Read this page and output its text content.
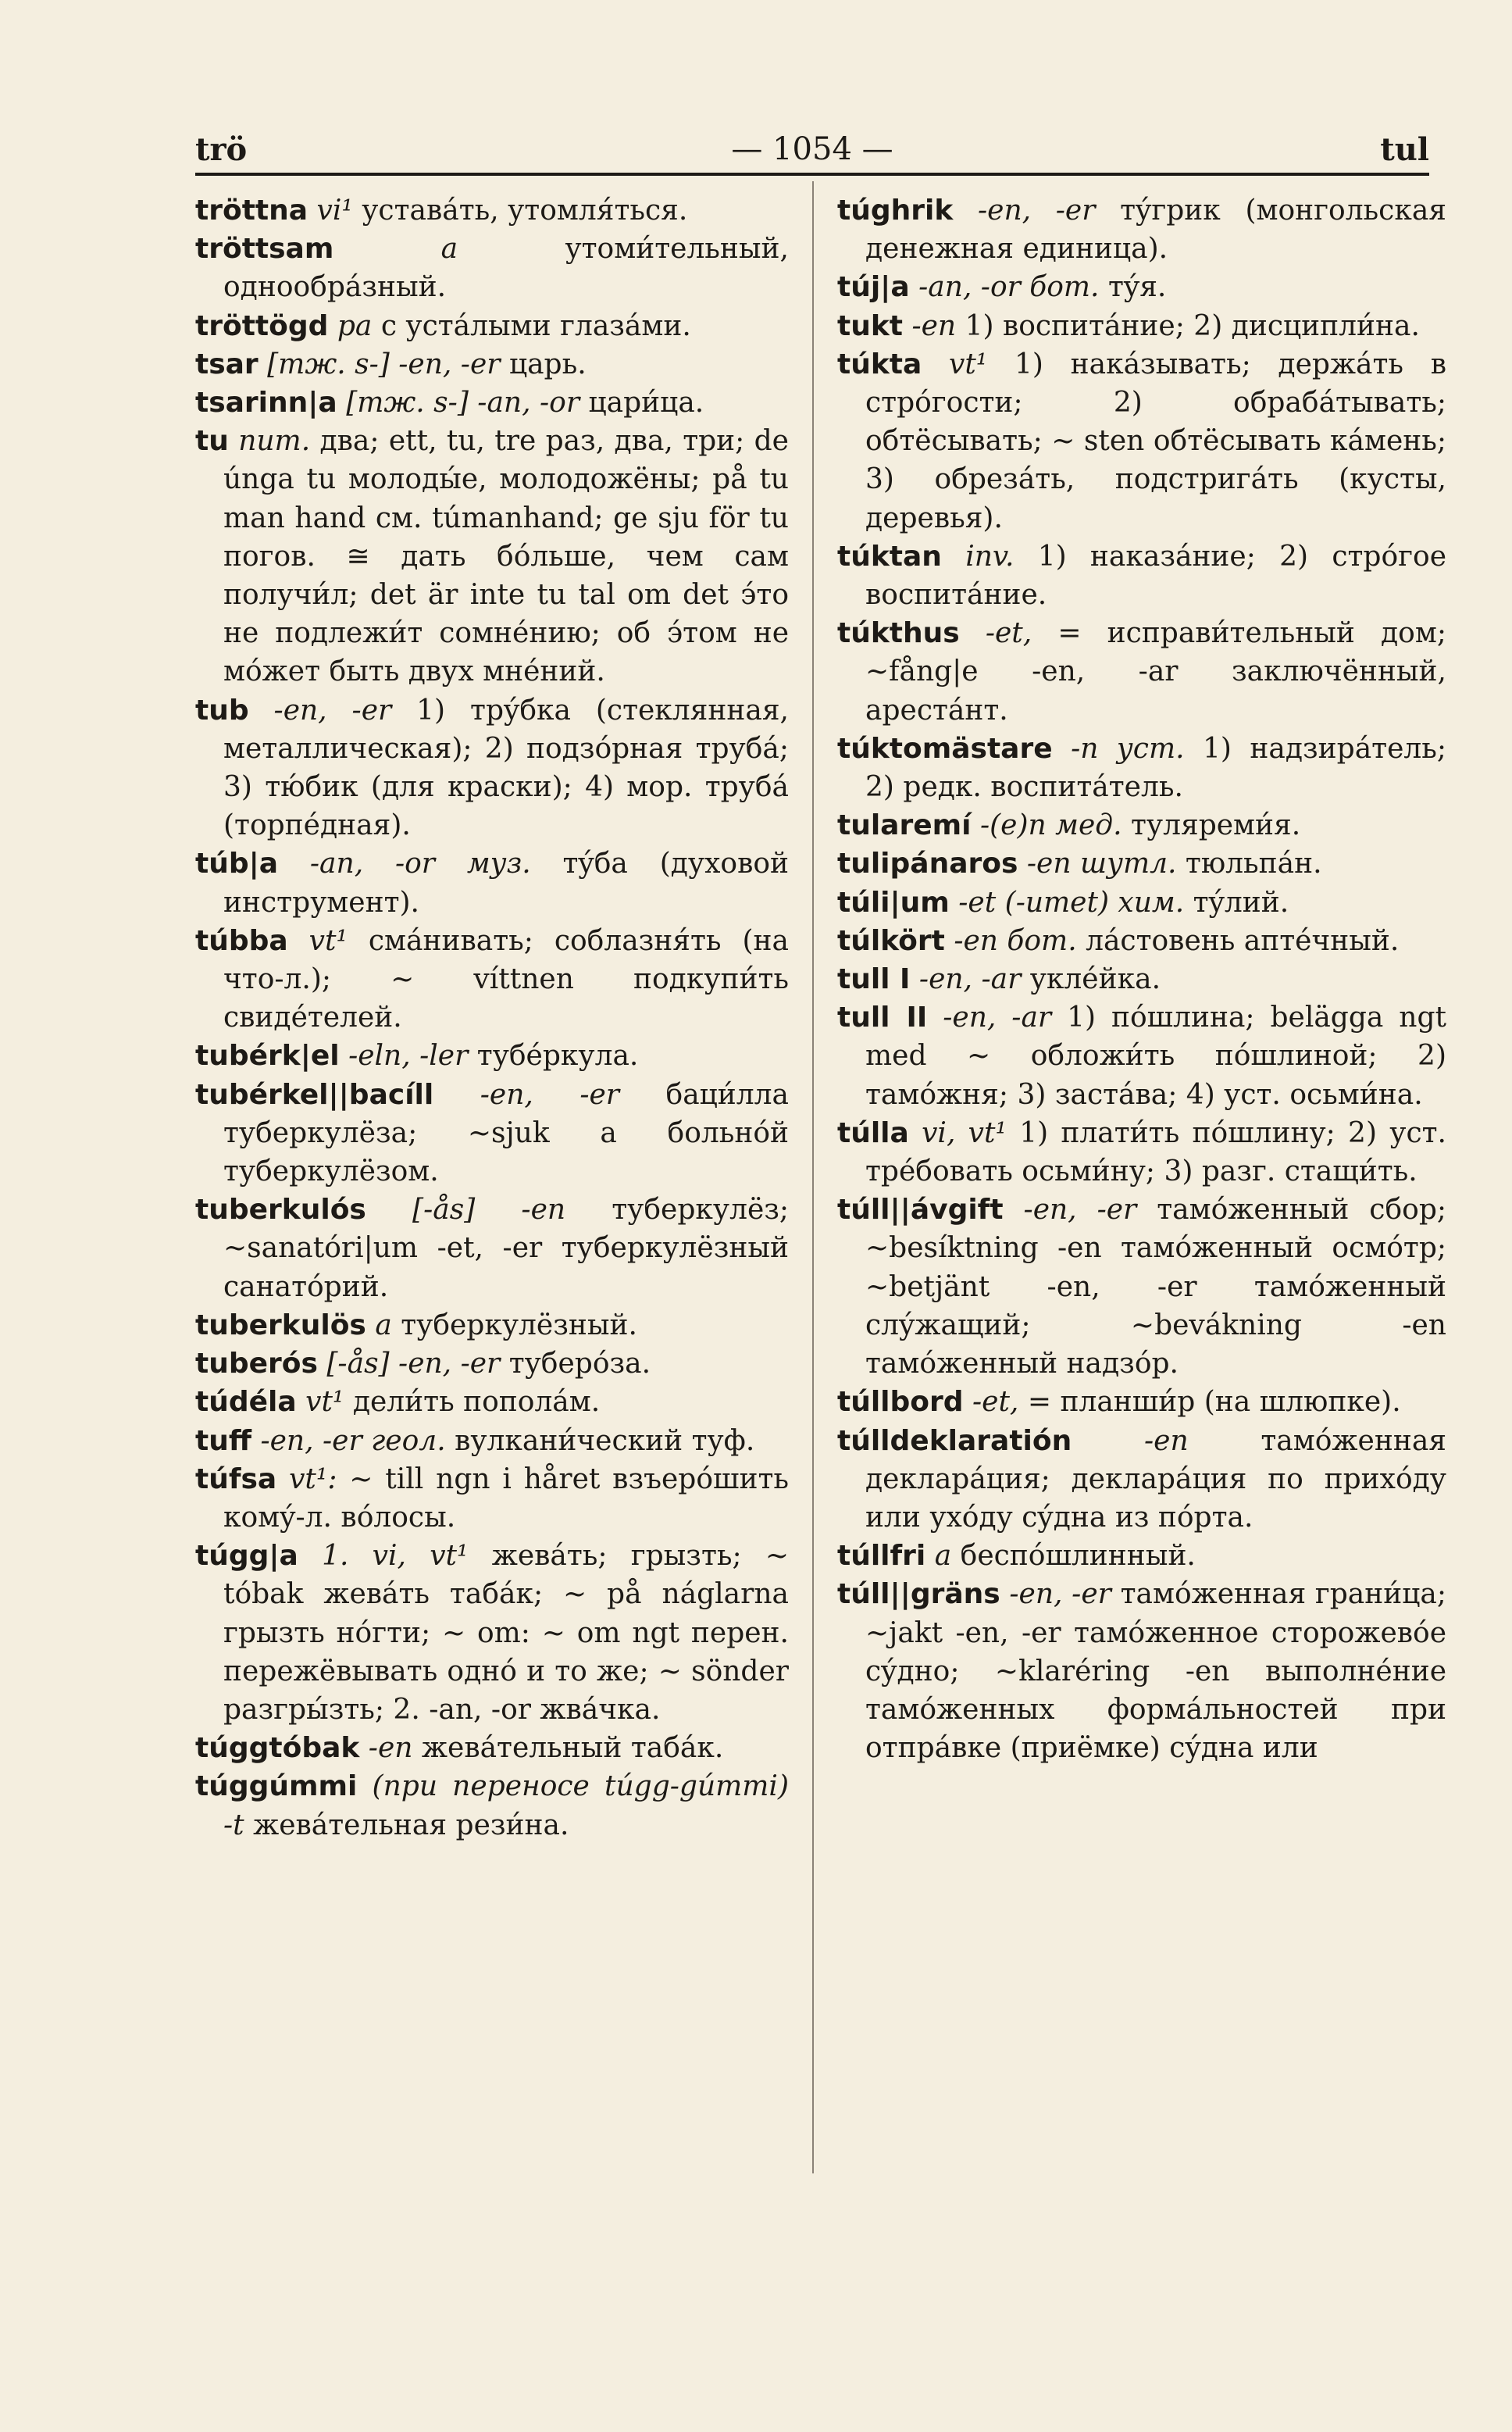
trö	— 1054 —	tul

tröttna vi¹ уставáть, утомля́ться.

tröttsam	a	утоми́тельный, однообрáзный.

tröttögd pa с устáлыми глазáми.

tsar [тж. s-] -en, -er царь.

tsarinn|a [тж. s-] -an, -or цари́ца.

tu num. два; ett, tu, tre раз, два, три; de únga tu молоды́е, молодожёны; på tu man hand см. túmanhand; ge sju för tu погов. ≅ дать бóльше, чем сам получи́л; det är inte tu tal om det э́то не подлежи́т сомнéнию; об э́том не мóжет быть двух мнéний.

tub -en, -er 1) трýбка (стеклянная, металлическая); 2) подзóрная трубá; 3) тю́бик (для краски); 4) мор. трубá (торпéдная).

túb|a -an, -or муз. тýба (духовой инструмент).

túbba vt¹ смáнивать; соблазня́ть (на что-л.); ~ víttnen подкупи́ть свидéтелей.

tubérk|el -eln, -ler тубéркула.

tubérkel||bacíll -en, -er баци́лла туберкулёза; ~sjuk a больнóй туберкулёзом.

tuberkulós [-ås] -en туберкулёз; ~sanatóri|um -et, -er туберкулёзный санатóрий.

tuberkulös a туберкулёзный.

tuberós [-ås] -en, -er туберóза.

túdéla vt¹ дели́ть попола́м.

tuff -en, -er геол. вулкани́ческий туф.

túfsa vt¹: ~ till ngn i håret взъерóшить комý-л. вóлосы.

túgg|a 1. vi, vt¹ жевáть; грызть; ~ tóbak жевáть табáк; ~ på náglarna грызть нóгти; ~ om: ~ om ngt перен. пережёвывать однó и то же; ~ sönder разгры́зть; 2. -an, -or жвáчка.

túggtóbak -en жевáтельный табáк.

túggúmmi (при переносе túgg-gúmmi) -t жевáтельная рези́на.

túghrik -en, -er тýгрик (монгольская денежная единица).

túj|a -an, -or бот. тýя.

tukt -en 1) воспитáние; 2) дисципли́на.

túkta vt¹ 1) накáзывать; держáть в стрóгости; 2) обрабáтывать; обтёсывать; ~ sten обтёсывать кáмень; 3) обрезáть, подстригáть (кусты, деревья).

túktan inv. 1) наказáние; 2) стрóгое воспитáние.

túkthus -et, = исправи́тельный дом; ~fång|e -en, -ar заключённый, арестáнт.

túktomästare -n уст. 1) надзирáтель; 2) редк. воспитáтель.

tularemí -(e)n мед. туляреми́я.

tulipánaros -en шутл. тюльпáн.

túli|um -et (-umet) хим. тýлий.

túlkört -en бот. лáстовень аптéчный.

tull I -en, -ar уклéйка.

tull II -en, -ar 1) пóшлина; belägga ngt med ~ обложи́ть пóшлиной; 2) тамóжня; 3) застáва; 4) уст. осьми́на.

túlla vi, vt¹ 1) плати́ть пóшлину; 2) уст. трéбовать осьми́ну; 3) разг. стащи́ть.

túll||ávgift -en, -er тамóженный сбор; ~besíktning -en тамóженный осмóтр; ~betjänt -en, -er тамóженный слýжащий; ~bevákning -en тамóженный надзóр.

túllbord -et, = планши́р (на шлюпке).

túlldeklaratión	-en	тамóженная деклара́ция; деклара́ция по прихóду или ухóду сýдна из пóрта.

túllfri a беспóшлинный.

túll||gräns -en, -er тамóженная грани́ца; ~jakt -en, -er тамóженное сторожевóе сýдно; ~klaréring -en выполнéние тамóженных формáльностей при отпрáвке (приёмке) сýдна или
